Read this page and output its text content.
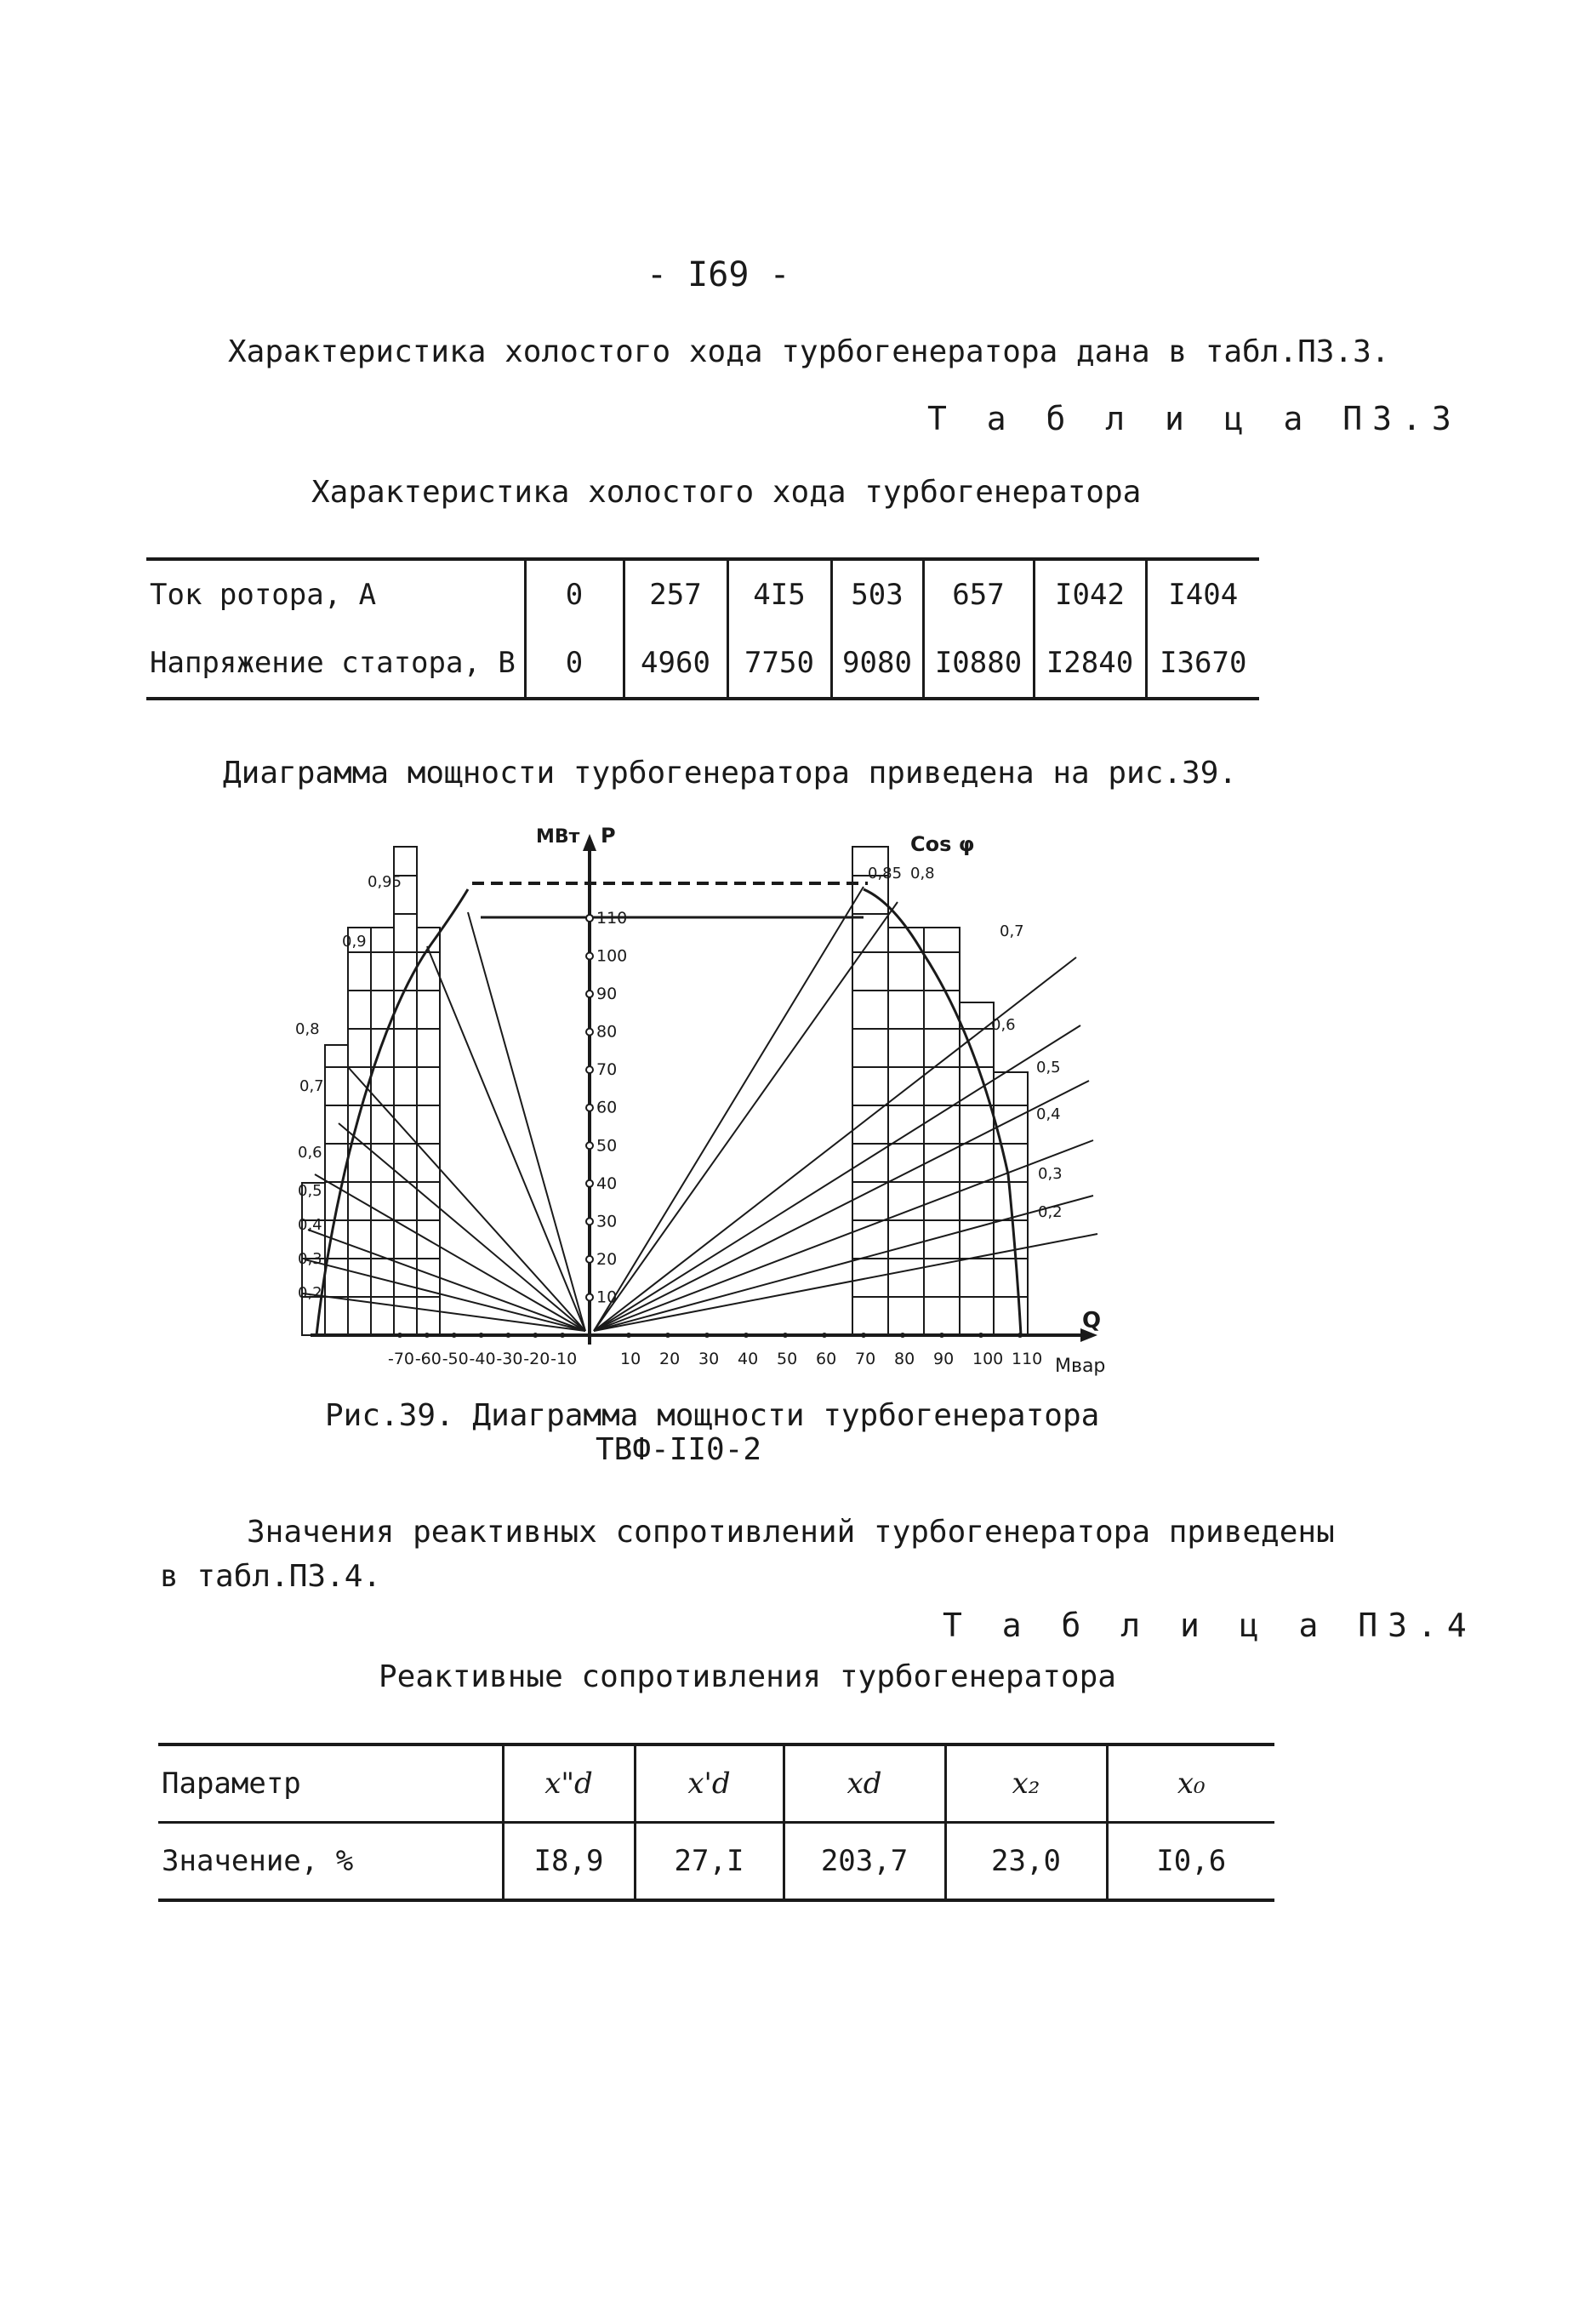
- I69 -
Характеристика холостого хода турбогенератора дана в табл.П3.3.
Т а б л и ц а П3.3
Характеристика холостого хода турбогенератора
Ток ротора, А	0	257	4I5	503	657	I042	I404
Напряжение статора, В	0	4960	7750	9080	I0880	I2840	I3670
Диаграмма мощности турбогенератора приведена на рис.39.
10
20
30
40
50
60
70
80
90
100
110
-70 -60 -50 -40 -30 -20 -10	10 20 30 40 50 60 70 80 90 100 110
0,95
0,9
0,8
0,7
0,6
0,5
0,4
0,3
0,2
0,85 0,8
0,7
0,6
0,5
0,4
0,3
0,2
МВт P
Q
Мвар
Cos φ
Рис.39. Диаграмма мощности турбогенератора
ТВФ-II0-2
Значения реактивных сопротивлений турбогенератора приведены
в табл.П3.4.
Т а б л и ц а П3.4
Реактивные сопротивления турбогенератора
Параметр	x"d	x'd	xd	x₂	x₀
Значение, %	I8,9	27,I	203,7	23,0	I0,6
